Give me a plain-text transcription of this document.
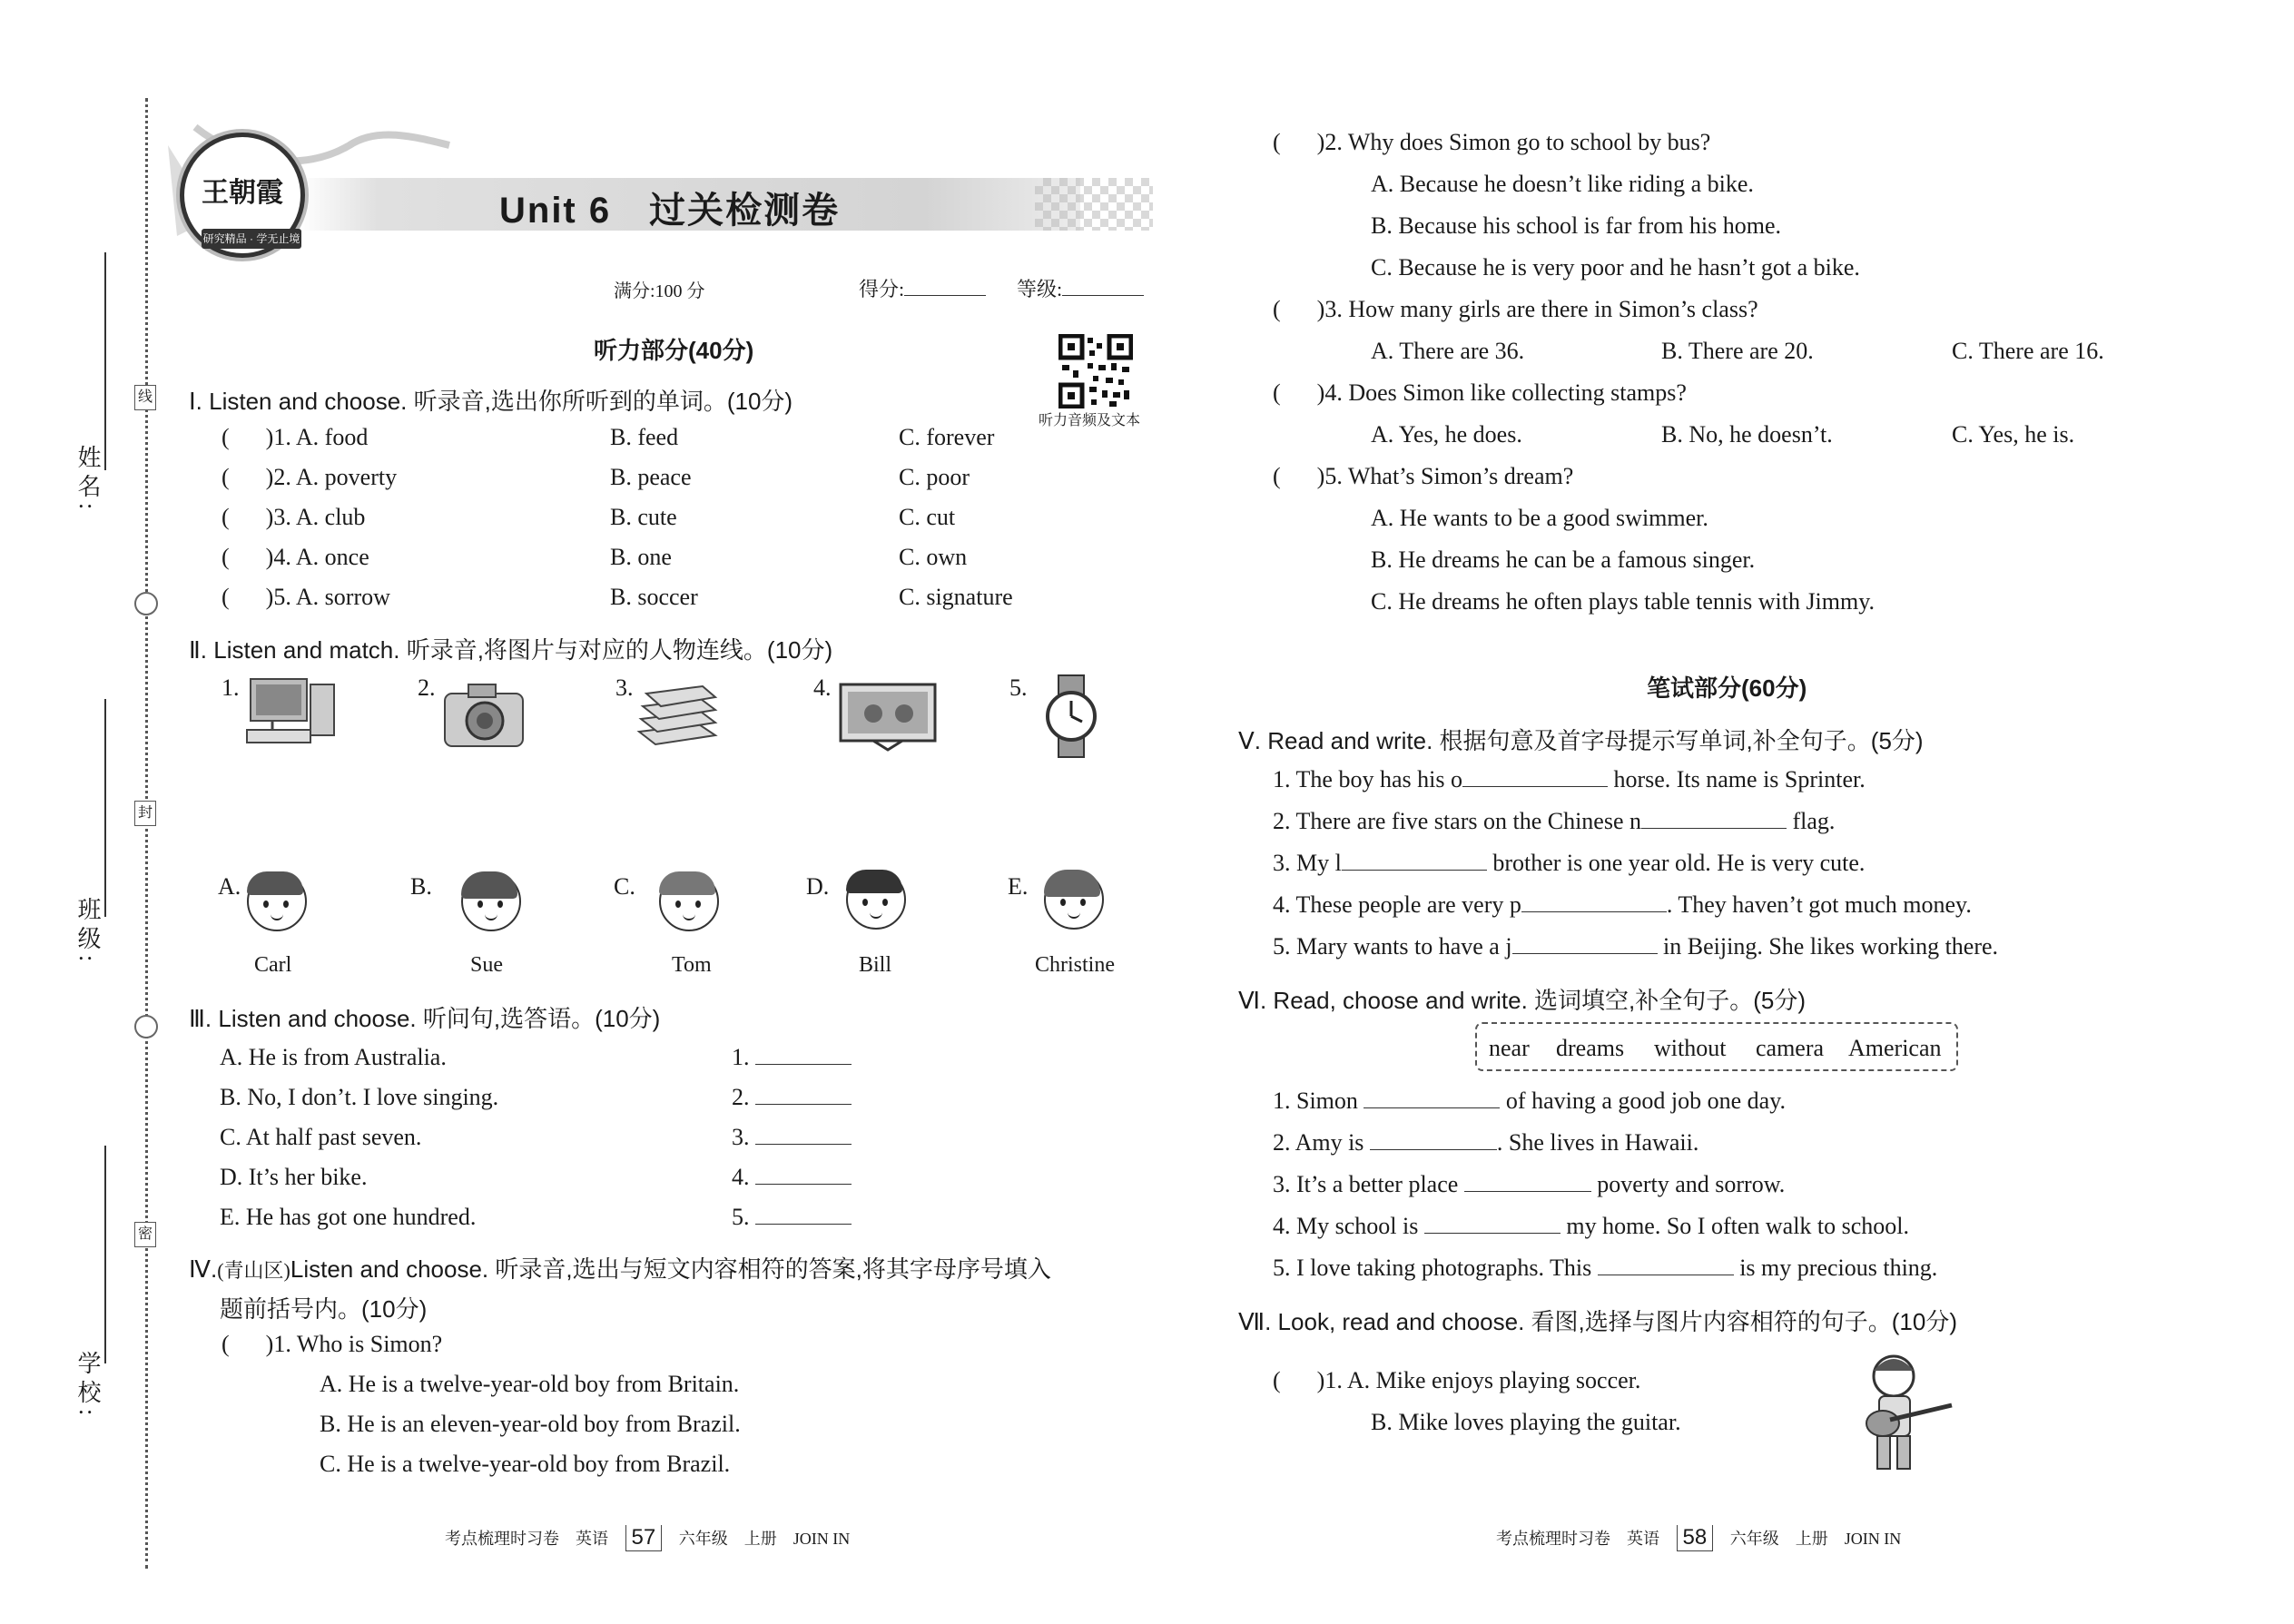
线
封
密
姓名:
班级:
学校:
王朝霞
研究精品 · 学无止境
Unit 6　过关检测卷
满分:100 分	得分:	等级:
听力音频及文本
听力部分(40分)
Ⅰ. Listen and choose. 听录音,选出你所听到的单词。(10分)
( )1. A. food	B. feed	C. forever
( )2. A. poverty	B. peace	C. poor
( )3. A. club	B. cute	C. cut
( )4. A. once	B. one	C. own
( )5. A. sorrow	B. soccer	C. signature
Ⅱ. Listen and match. 听录音,将图片与对应的人物连线。(10分)
1.	2.	3.	4.	5.
A.
Carl
B.
Sue
C.
Tom
D.
Bill
E.
Christine
Ⅲ. Listen and choose. 听问句,选答语。(10分)
A. He is from Australia.
B. No, I don’t. I love singing.
C. At half past seven.
D. It’s her bike.
E. He has got one hundred.
1.
2.
3.
4.
5.
Ⅳ.(青山区)Listen and choose. 听录音,选出与短文内容相符的答案,将其字母序号填入
题前括号内。(10分)
( )1. Who is Simon?
A. He is a twelve-year-old boy from Britain.
B. He is an eleven-year-old boy from Brazil.
C. He is a twelve-year-old boy from Brazil.
考点梳理时习卷　英语 57 六年级　上册　JOIN IN
( )2. Why does Simon go to school by bus?
A. Because he doesn’t like riding a bike.
B. Because his school is far from his home.
C. Because he is very poor and he hasn’t got a bike.
( )3. How many girls are there in Simon’s class?
A. There are 36.	B. There are 20.	C. There are 16.
( )4. Does Simon like collecting stamps?
A. Yes, he does.	B. No, he doesn’t.	C. Yes, he is.
( )5. What’s Simon’s dream?
A. He wants to be a good swimmer.
B. He dreams he can be a famous singer.
C. He dreams he often plays table tennis with Jimmy.
笔试部分(60分)
Ⅴ. Read and write. 根据句意及首字母提示写单词,补全句子。(5分)
1. The boy has his o	horse. Its name is Sprinter.
2. There are five stars on the Chinese n	flag.
3. My l	brother is one year old. He is very cute.
4. These people are very p	. They haven’t got much money.
5. Mary wants to have a j	in Beijing. She likes working there.
Ⅵ. Read, choose and write. 选词填空,补全句子。(5分)
near dreams without camera American
1. Simon	of having a good job one day.
2. Amy is	. She lives in Hawaii.
3. It’s a better place	poverty and sorrow.
4. My school is	my home. So I often walk to school.
5. I love taking photographs. This	is my precious thing.
Ⅶ. Look, read and choose. 看图,选择与图片内容相符的句子。(10分)
( )1. A. Mike enjoys playing soccer.
B. Mike loves playing the guitar.
考点梳理时习卷　英语 58 六年级　上册　JOIN IN
